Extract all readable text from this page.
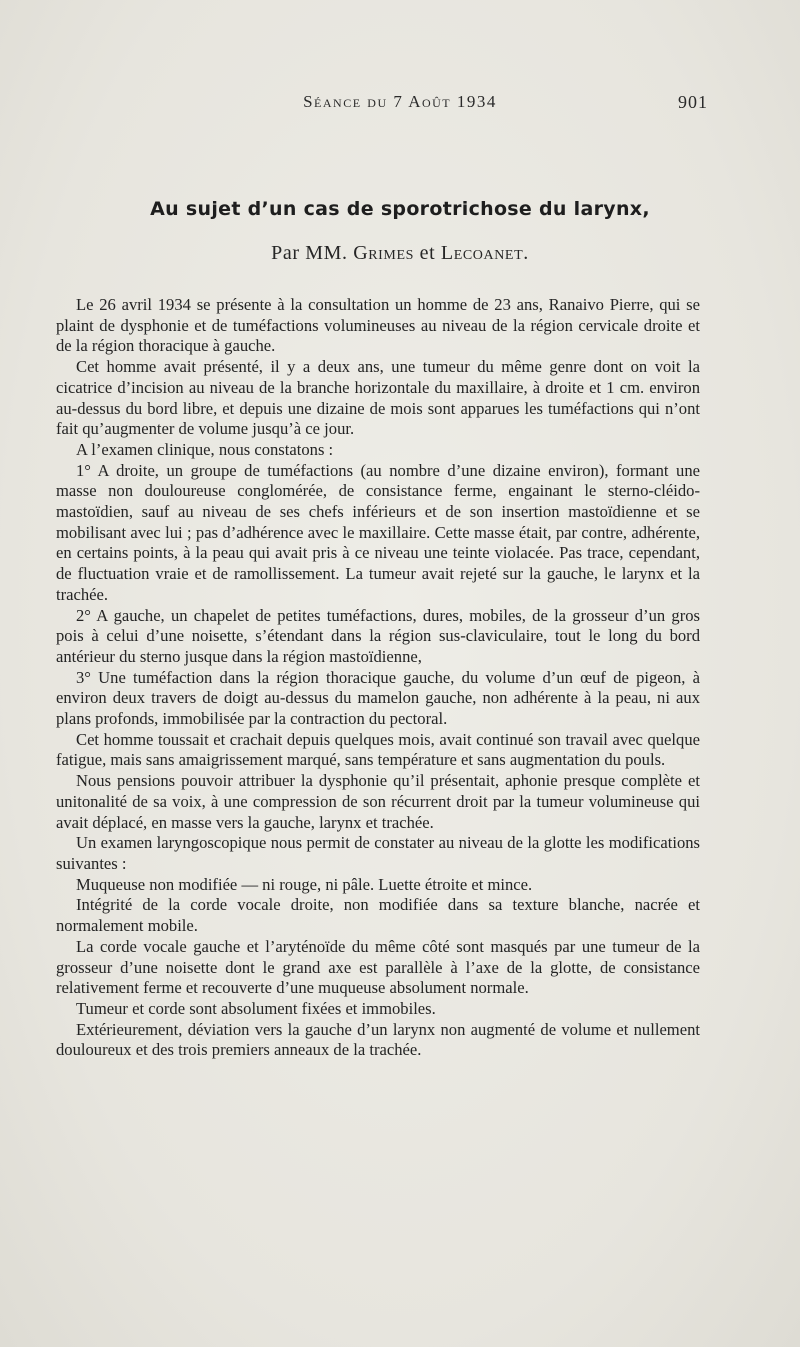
Séance du 7 Août 1934	901
Au sujet d’un cas de sporotrichose du larynx,
Par MM. Grimes et Lecoanet.

Le 26 avril 1934 se présente à la consultation un homme de 23 ans, Ranaivo Pierre, qui se plaint de dysphonie et de tuméfactions volumineuses au niveau de la région cervicale droite et de la région thoracique à gauche.

Cet homme avait présenté, il y a deux ans, une tumeur du même genre dont on voit la cicatrice d’incision au niveau de la branche horizontale du maxillaire, à droite et 1 cm. environ au-dessus du bord libre, et depuis une dizaine de mois sont apparues les tuméfactions qui n’ont fait qu’augmenter de volume jusqu’à ce jour.

A l’examen clinique, nous constatons :

1° A droite, un groupe de tuméfactions (au nombre d’une dizaine environ), formant une masse non douloureuse conglomérée, de consistance ferme, engainant le sterno-cléido-mastoïdien, sauf au niveau de ses chefs inférieurs et de son insertion mastoïdienne et se mobilisant avec lui ; pas d’adhérence avec le maxillaire. Cette masse était, par contre, adhérente, en certains points, à la peau qui avait pris à ce niveau une teinte violacée. Pas trace, cependant, de fluctuation vraie et de ramollissement. La tumeur avait rejeté sur la gauche, le larynx et la trachée.

2° A gauche, un chapelet de petites tuméfactions, dures, mobiles, de la grosseur d’un gros pois à celui d’une noisette, s’étendant dans la région sus-claviculaire, tout le long du bord antérieur du sterno jusque dans la région mastoïdienne,

3° Une tuméfaction dans la région thoracique gauche, du volume d’un œuf de pigeon, à environ deux travers de doigt au-dessus du mamelon gauche, non adhérente à la peau, ni aux plans profonds, immobilisée par la contraction du pectoral.

Cet homme toussait et crachait depuis quelques mois, avait continué son travail avec quelque fatigue, mais sans amaigrissement marqué, sans température et sans augmentation du pouls.

Nous pensions pouvoir attribuer la dysphonie qu’il présentait, aphonie presque complète et unitonalité de sa voix, à une compression de son récurrent droit par la tumeur volumineuse qui avait déplacé, en masse vers la gauche, larynx et trachée.

Un examen laryngoscopique nous permit de constater au niveau de la glotte les modifications suivantes :

Muqueuse non modifiée — ni rouge, ni pâle. Luette étroite et mince.

Intégrité de la corde vocale droite, non modifiée dans sa texture blanche, nacrée et normalement mobile.

La corde vocale gauche et l’aryténoïde du même côté sont masqués par une tumeur de la grosseur d’une noisette dont le grand axe est parallèle à l’axe de la glotte, de consistance relativement ferme et recouverte d’une muqueuse absolument normale.

Tumeur et corde sont absolument fixées et immobiles.

Extérieurement, déviation vers la gauche d’un larynx non augmenté de volume et nullement douloureux et des trois premiers anneaux de la trachée.
